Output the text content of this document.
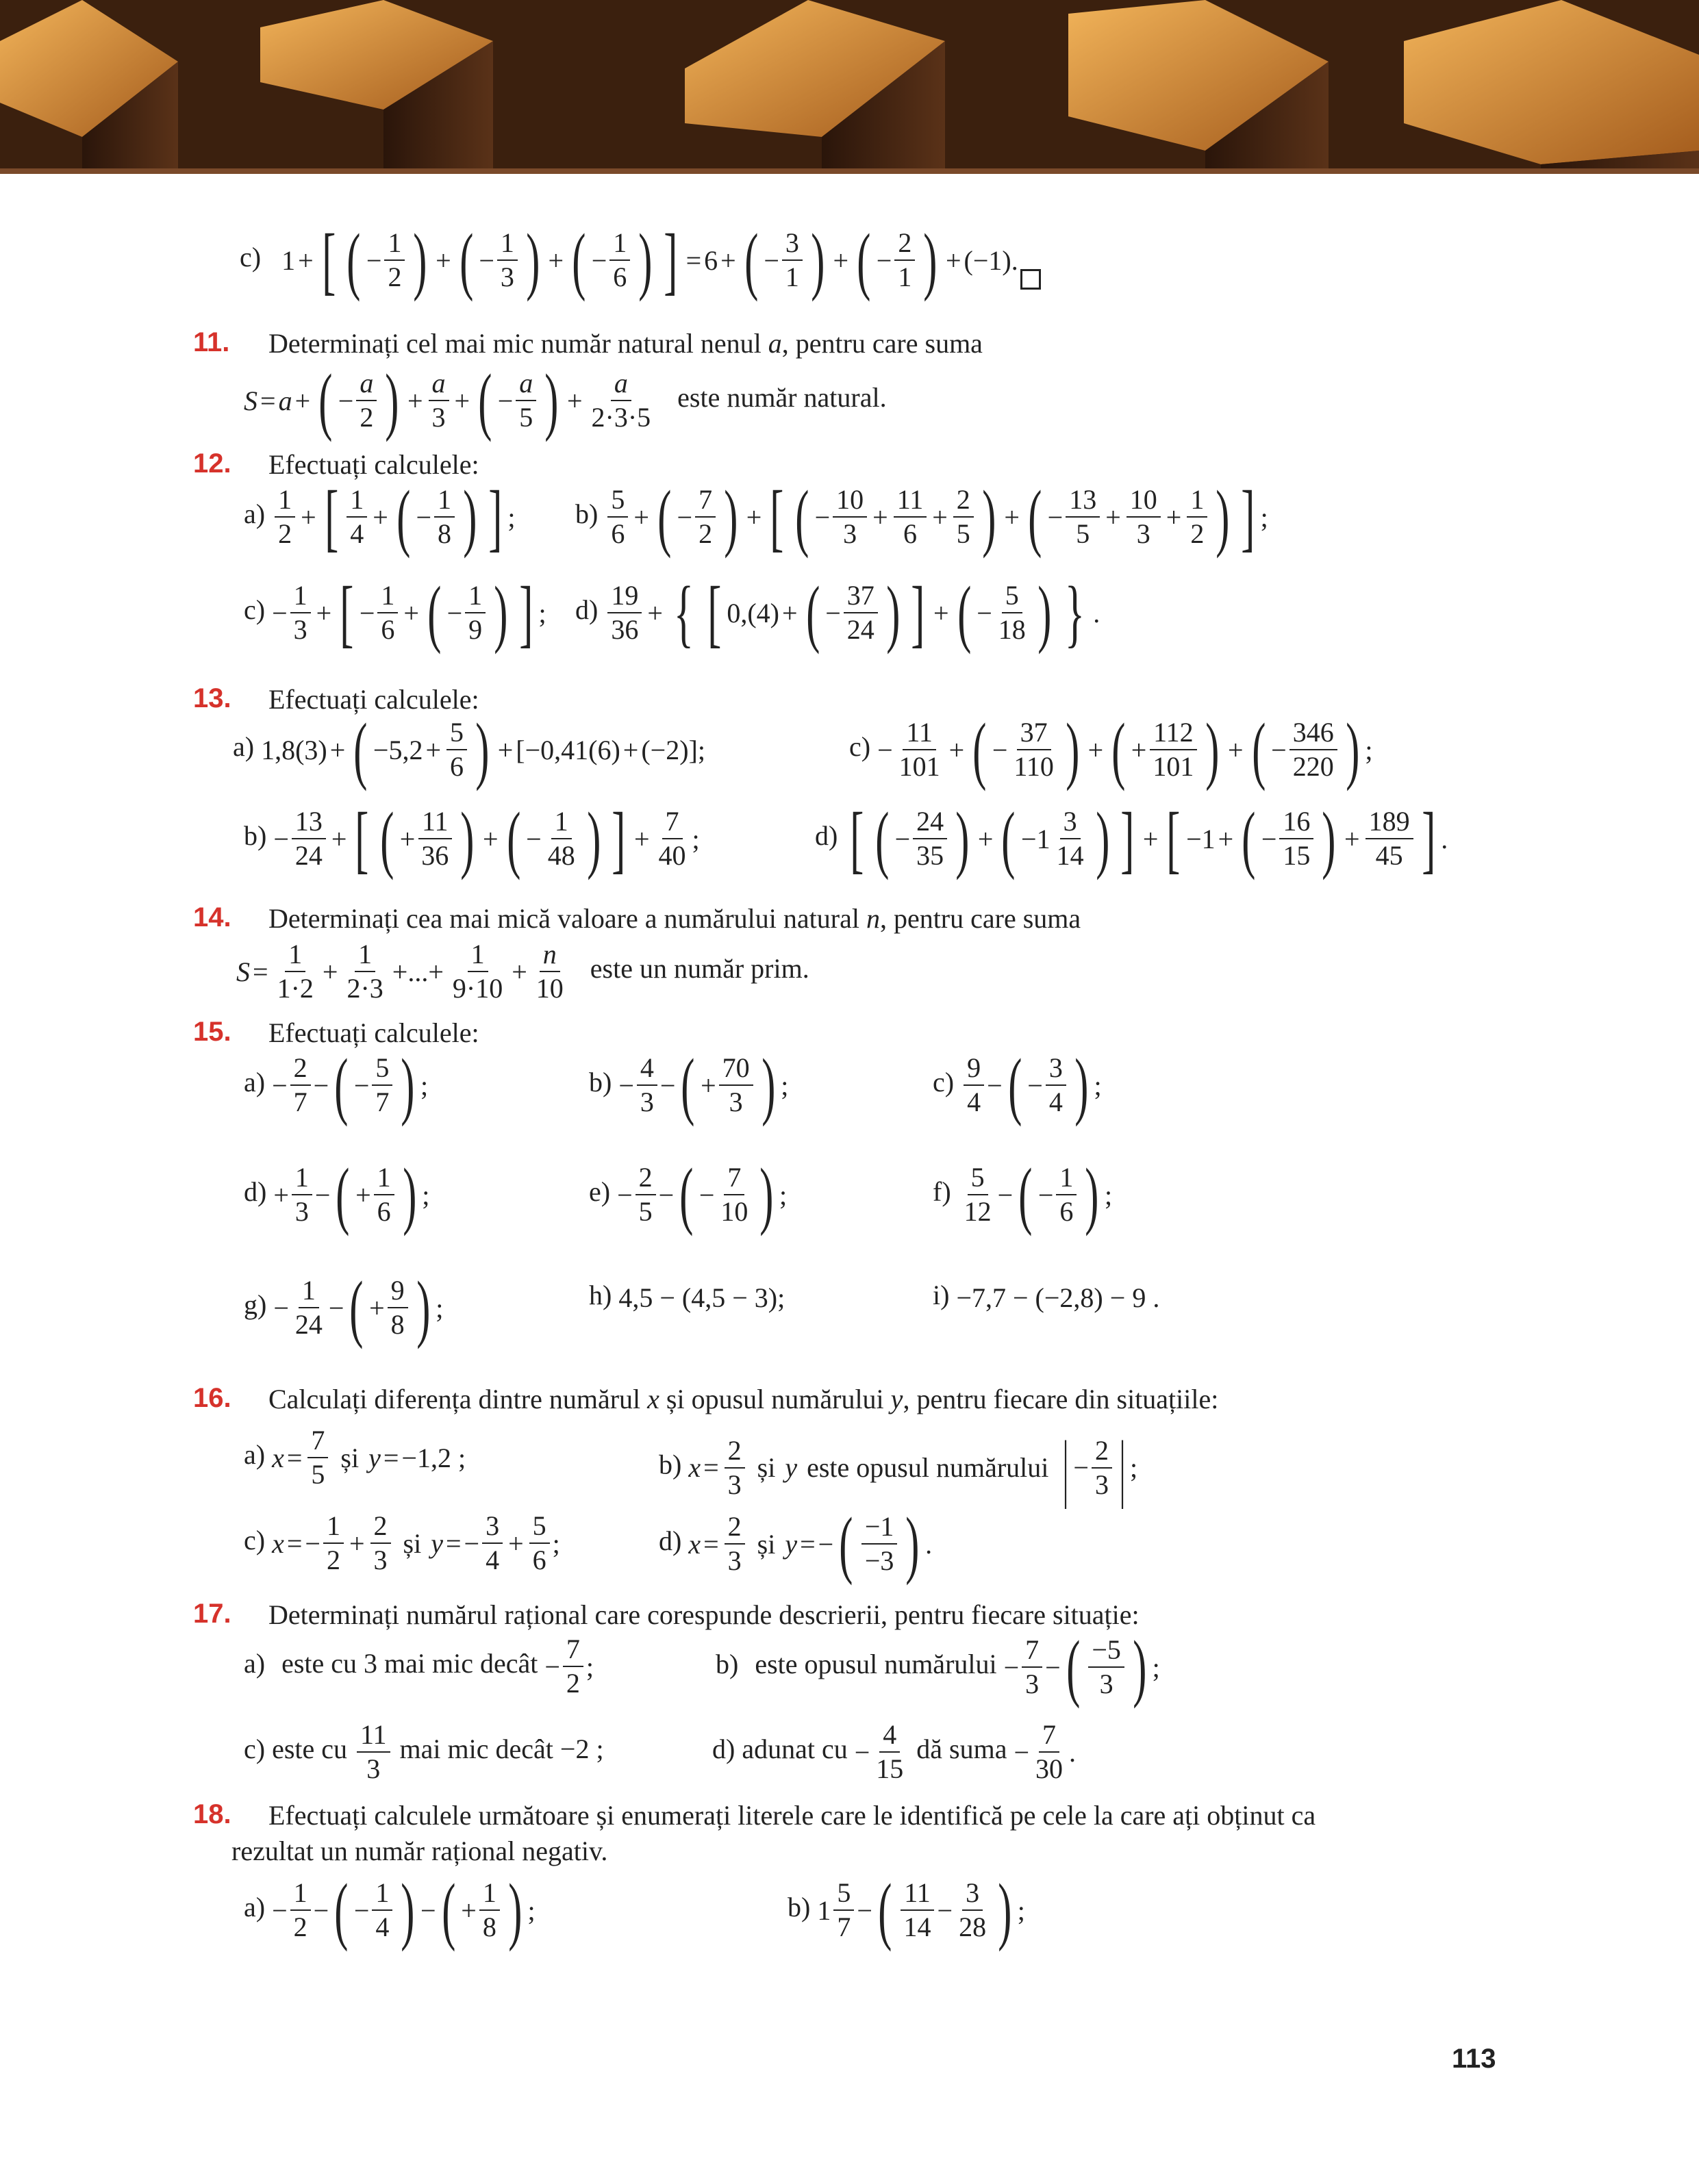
c) 1 + [ ( − $\frac{1}{2}$ ) + ( − $\frac{1}{3}$ ) + ( − $\frac{1}{6}$ ) ] = 6 + ( − $\frac{3}{1}$ ) + ( − $\frac{2}{1}$ ) + (−1) .
11. Determinați cel mai mic număr natural nenul a, pentru care suma
S = a + ( − $\frac{a}{2}$ ) + $\frac{a}{3}$ + ( − $\frac{a}{5}$ ) + $\frac{a}{2\cdot 3\cdot 5}$ este număr natural.
12. Efectuați calculele:
$a) \frac{1}{2}$ + [ $\frac{1}{4}$ + ( − $\frac{1}{8}$ ) ] ; $b) \frac{5}{6}$ + ( − $\frac{7}{2}$ ) + [ ( − $\frac{10}{3} + \frac{11}{6} + \frac{2}{5}$ ) + ( − $\frac{13}{5} + \frac{10}{3} + \frac{1}{2}$ ) ] ;
$c) - \frac{1}{3}$ + [ − $\frac{1}{6}$ + ( − $\frac{1}{9}$ ) ] ; $d) \frac{19}{36}$ + { [ 0,(4) + ( − $\frac{37}{24}$ ) ] + ( − $\frac{5}{18}$ ) } .
13. Efectuați calculele:
a) 1,8(3) + ( $-5,2 + \frac{5}{6}$ ) + [−0,41(6) + (−2)];	$c) - \frac{11}{101}$ + ( − $\frac{37}{110}$ ) + ( + $\frac{112}{101}$ ) + ( − $\frac{346}{220}$ ) ;
$b) - \frac{13}{24}$ + [ ( + $\frac{11}{36}$ ) + ( − $\frac{1}{48}$ ) ] + $\frac{7}{40}$ ;	d) [ ( − $\frac{24}{35}$ ) + ( $-1 \frac{3}{14}$ ) ] + [ −1 + ( − $\frac{16}{15}$ ) + $\frac{189}{45}$ ] .
14. Determinați cea mai mică valoare a numărului natural n, pentru care suma
$S = \frac{1}{1\cdot 2} + \frac{1}{2\cdot 3}$ +...+ $\frac{1}{9\cdot 10} + \frac{n}{10}$ este un număr prim.
15. Efectuați calculele:
$a) - \frac{2}{7}$ − ( − $\frac{5}{7}$ ) ;	$b) - \frac{4}{3}$ − ( + $\frac{70}{3}$ ) ;	$c) \frac{9}{4}$ − ( − $\frac{3}{4}$ ) ;
$d) + \frac{1}{3}$ − ( + $\frac{1}{6}$ ) ;	$e) - \frac{2}{5}$ − ( − $\frac{7}{10}$ ) ;	$f) \frac{5}{12}$ − ( − $\frac{1}{6}$ ) ;
$g) - \frac{1}{24}$ − ( + $\frac{9}{8}$ ) ;	h) 4,5 − (4,5 − 3);	i) −7,7 − (−2,8) − 9 .
16. Calculați diferența dintre numărul x și opusul numărului y, pentru fiecare din situațiile:
a) $x = \frac{7}{5}$ și y = −1,2 ;	b) $x = \frac{2}{3}$ și y este opusul numărului | − $\frac{2}{3}$ | ;
c) x = − $\frac{1}{2} + \frac{2}{3}$ și y = − $\frac{3}{4} + \frac{5}{6}$ ;	d) $x = \frac{2}{3}$ și y = − ( $\frac{-1}{-3}$ ) .
17. Determinați numărul rațional care corespunde descrierii, pentru fiecare situație:
a) este cu 3 mai mic decât − $\frac{7}{2}$ ;	b) este opusul numărului − $\frac{7}{3}$ − ( $\frac{-5}{3}$ ) ;
c) este cu $\frac{11}{3}$ mai mic decât −2 ;	d) adunat cu − $\frac{4}{15}$ dă suma − $\frac{7}{30}$ .
18. Efectuați calculele următoare și enumerați literele care le identifică pe cele la care ați obținut ca
rezultat un număr rațional negativ.
$a) - \frac{1}{2}$ − ( − $\frac{1}{4}$ ) − ( + $\frac{1}{8}$ ) ;	b) $1 \frac{5}{7}$ − ( $\frac{11}{14} - \frac{3}{28}$ ) ;
113
